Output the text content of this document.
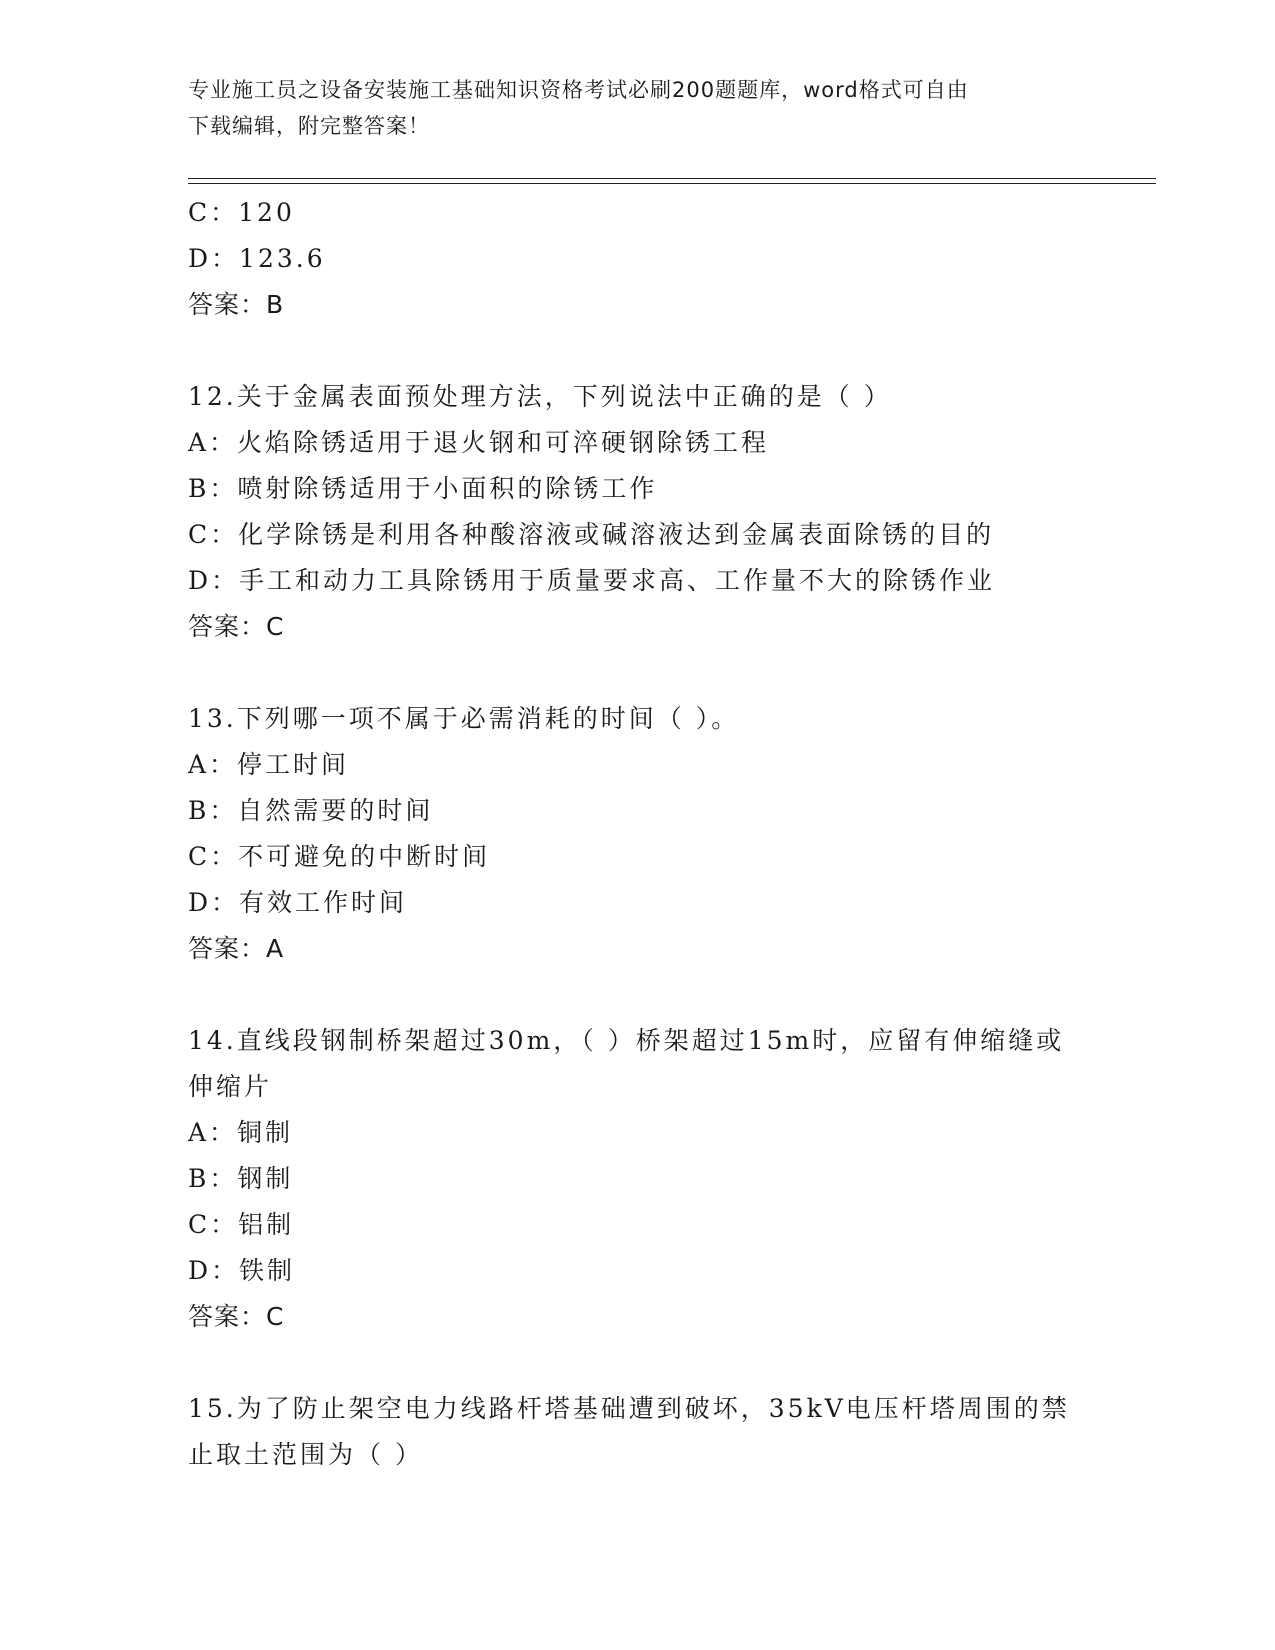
专业施工员之设备安装施工基础知识资格考试必刷200题题库，word格式可自由
下载编辑，附完整答案！
C：120
D：123.6
答案：B
12.关于金属表面预处理方法，下列说法中正确的是（ ）
A：火焰除锈适用于退火钢和可淬硬钢除锈工程
B：喷射除锈适用于小面积的除锈工作
C：化学除锈是利用各种酸溶液或碱溶液达到金属表面除锈的目的
D：手工和动力工具除锈用于质量要求高、工作量不大的除锈作业
答案：C
13.下列哪一项不属于必需消耗的时间（ ）。
A：停工时间
B：自然需要的时间
C：不可避免的中断时间
D：有效工作时间
答案：A
14.直线段钢制桥架超过30m，（ ）桥架超过15m时，应留有伸缩缝或
伸缩片
A：铜制
B：钢制
C：铝制
D：铁制
答案：C
15.为了防止架空电力线路杆塔基础遭到破坏，35kV电压杆塔周围的禁
止取土范围为（ ）
